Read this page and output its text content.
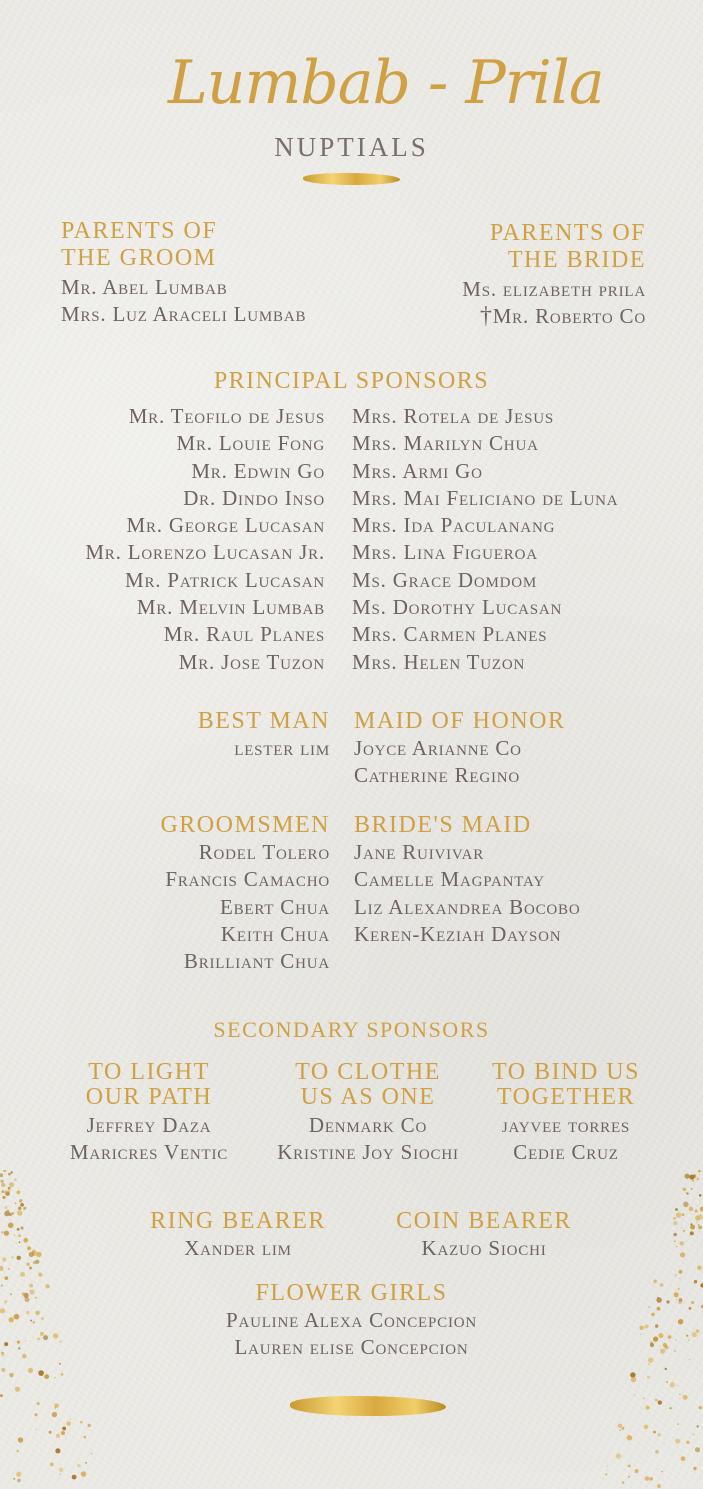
Lumbab - Prila
NUPTIALS
PARENTS OF
THE GROOM
Mr. Abel Lumbab
Mrs. Luz Araceli Lumbab
PARENTS OF
THE BRIDE
Ms. elizabeth prila
†Mr. Roberto Co
PRINCIPAL SPONSORS
Mr. Teofilo de Jesus
Mr. Louie Fong
Mr. Edwin Go
Dr. Dindo Inso
Mr. George Lucasan
Mr. Lorenzo Lucasan Jr.
Mr. Patrick Lucasan
Mr. Melvin Lumbab
Mr. Raul Planes
Mr. Jose Tuzon
Mrs. Rotela de Jesus
Mrs. Marilyn Chua
Mrs. Armi Go
Mrs. Mai Feliciano de Luna
Mrs. Ida Paculanang
Mrs. Lina Figueroa
Ms. Grace Domdom
Ms. Dorothy Lucasan
Mrs. Carmen Planes
Mrs. Helen Tuzon
BEST MAN
lester lim
MAID OF HONOR
Joyce Arianne Co
Catherine Regino
GROOMSMEN
Rodel Tolero
Francis Camacho
Ebert Chua
Keith Chua
Brilliant Chua
BRIDE'S MAID
Jane Ruivivar
Camelle Magpantay
Liz Alexandrea Bocobo
Keren-Keziah Dayson
SECONDARY SPONSORS
TO LIGHT
OUR PATH
Jeffrey Daza
Maricres Ventic
TO CLOTHE
US AS ONE
Denmark Co
Kristine Joy Siochi
TO BIND US
TOGETHER
jayvee torres
Cedie Cruz
RING BEARER
Xander lim
COIN BEARER
Kazuo Siochi
FLOWER GIRLS
Pauline Alexa Concepcion
Lauren elise Concepcion
